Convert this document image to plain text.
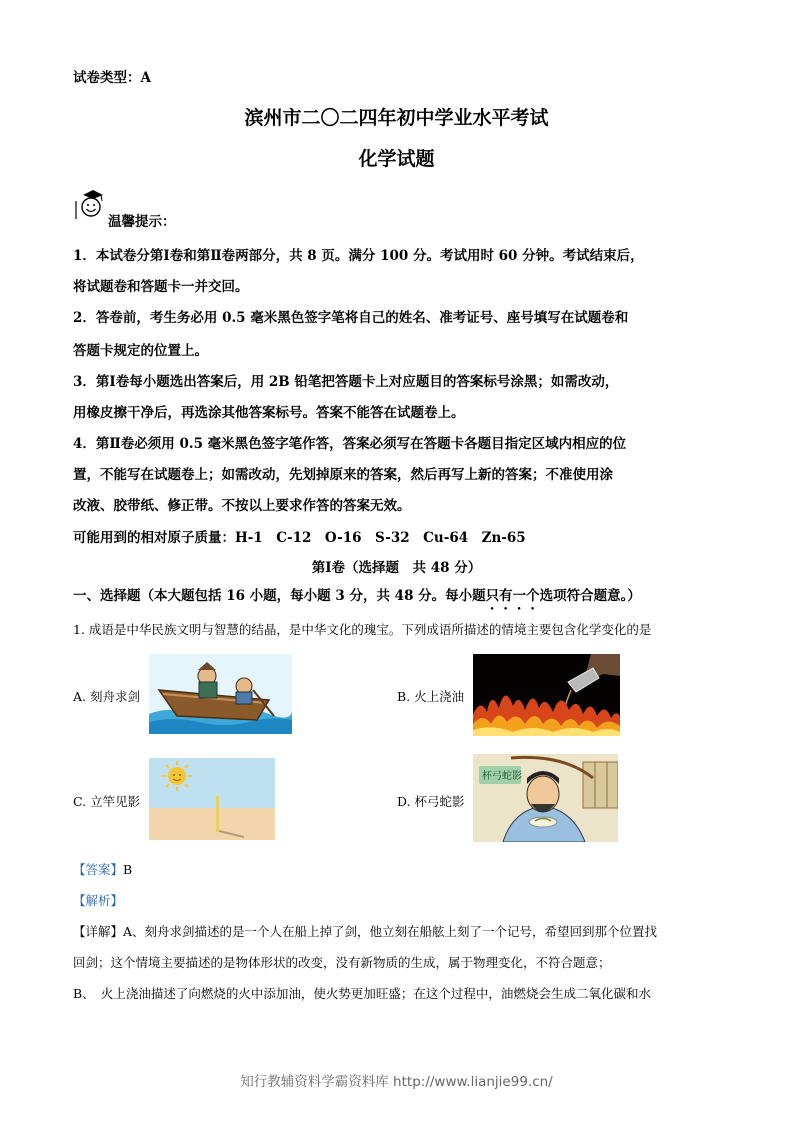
试卷类型：A
滨州市二〇二四年初中学业水平考试
化学试题
温馨提示：
1．本试卷分第Ⅰ卷和第Ⅱ卷两部分，共 8 页。满分 100 分。考试用时 60 分钟。考试结束后，
将试题卷和答题卡一并交回。
2．答卷前，考生务必用 0.5 毫米黑色签字笔将自己的姓名、准考证号、座号填写在试题卷和
答题卡规定的位置上。
3．第Ⅰ卷每小题选出答案后，用 2B 铅笔把答题卡上对应题目的答案标号涂黑；如需改动，
用橡皮擦干净后，再选涂其他答案标号。答案不能答在试题卷上。
4．第Ⅱ卷必须用 0.5 毫米黑色签字笔作答，答案必须写在答题卡各题目指定区域内相应的位
置，不能写在试题卷上；如需改动，先划掉原来的答案，然后再写上新的答案；不准使用涂
改液、胶带纸、修正带。不按以上要求作答的答案无效。
可能用到的相对原子质量：H-1　C-12　O-16　S-32　Cu-64　Zn-65
第Ⅰ卷（选择题　共 48 分）
一、选择题（本大题包括 16 小题，每小题 3 分，共 48 分。每小题只有一个选项符合题意。）
1. 成语是中华民族文明与智慧的结晶，是中华文化的瑰宝。下列成语所描述的情境主要包含化学变化的是
A. 刻舟求剑	B. 火上浇油
C. 立竿见影	D. 杯弓蛇影
杯弓蛇影
【答案】B
【解析】
【详解】A、刻舟求剑描述的是一个人在船上掉了剑，他立刻在船舷上刻了一个记号，希望回到那个位置找
回剑；这个情境主要描述的是物体形状的改变，没有新物质的生成，属于物理变化，不符合题意；
B、　火上浇油描述了向燃烧的火中添加油，使火势更加旺盛；在这个过程中，油燃烧会生成二氧化碳和水
知行教辅资料学霸资料库 http://www.lianjie99.cn/
